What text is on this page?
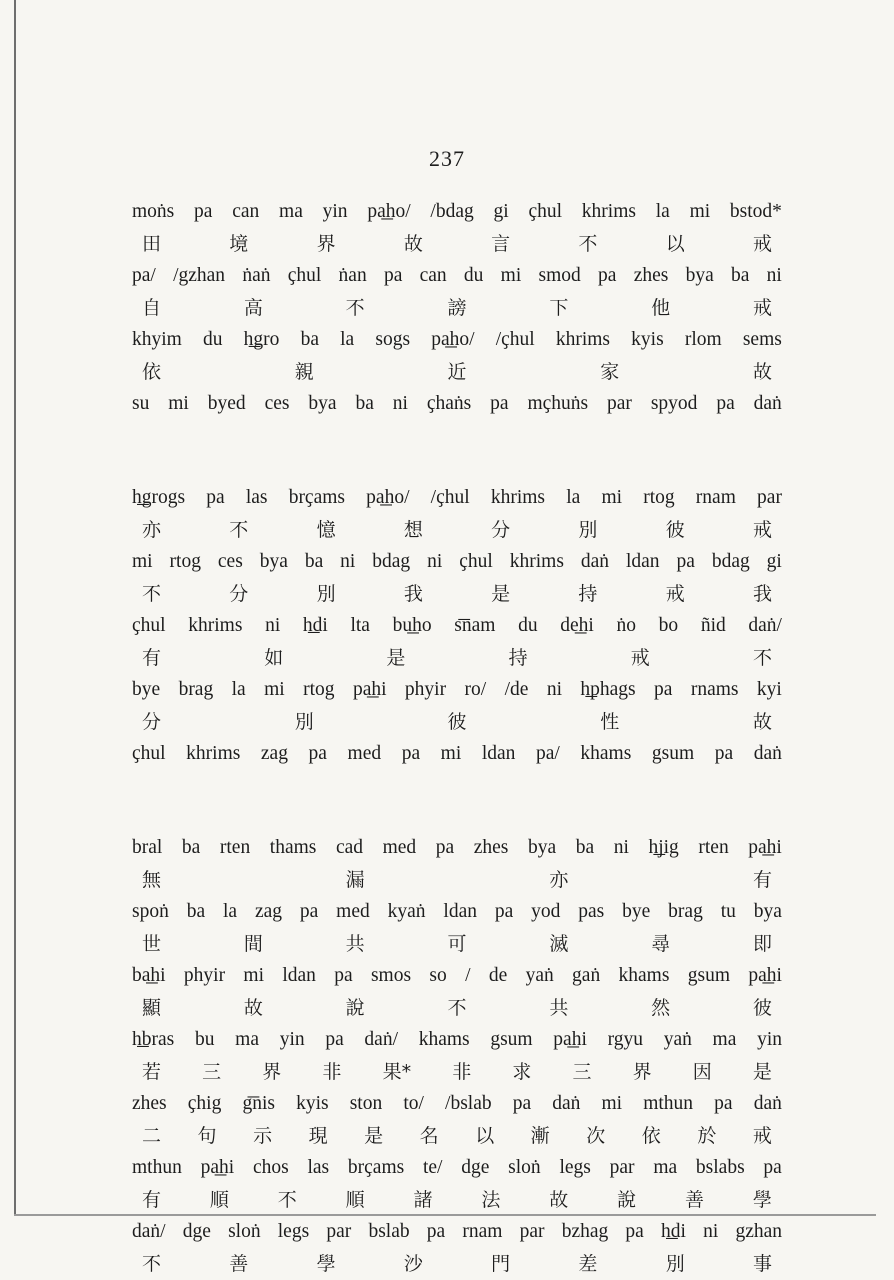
237
moṅs pa can ma yin pa͟ho/ /bdag gi ҫhul khrims la mi bstod*
田	境	界	故	言	不	以	戒
pa/ /gzhan ṅaṅ ҫhul ṅan pa can du mi smod pa zhes bya ba ni
自	高	不	謗	下	他	戒
khyim du h͟gro ba la sogs pa͟ho/ /ҫhul khrims kyis rlom sems
依	親	近	家	故
su mi byed ces bya ba ni ҫhaṅs pa mҫhuṅs par spyod pa daṅ
h͟grogs pa las brҫams pa͟ho/ /ҫhul khrims la mi rtog rnam par
亦	不	憶	想	分	別	彼	戒
mi rtog ces bya ba ni bdag ni ҫhul khrims daṅ ldan pa bdag gi
不	分	別	我	是	持	戒	我
ҫhul khrims ni h͟di lta bu͟ho s͞nam du de͟hi ṅo bo ñid daṅ/
有	如	是	持	戒	不
bye brag la mi rtog pa͟hi phyir ro/ /de ni h͟phags pa rnams kyi
分	別	彼	性	故
ҫhul khrims zag pa med pa mi ldan pa/ khams gsum pa daṅ
bral ba rten thams cad med pa zhes bya ba ni h͟jig rten pa͟hi
無	漏	亦	有
spoṅ ba la zag pa med kyaṅ ldan pa yod pas bye brag tu bya
世	間	共	可	滅	尋	即
ba͟hi phyir mi ldan pa smos so / de yaṅ gaṅ khams gsum pa͟hi
顯	故	說	不	共	然	彼
h͟bras bu ma yin pa daṅ/ khams gsum pa͟hi rgyu yaṅ ma yin
若 三 界 非 果* 非 求 三 界 因 是
zhes ҫhig g͞nis kyis ston to/ /bslab pa daṅ mi mthun pa daṅ
二 句 示 現 是 名 以 漸 次 依 於 戒
mthun pa͟hi chos las brҫams te/ dge sloṅ legs par ma bslabs pa
有	順	不	順	諸	法	故	說	善	學
daṅ/ dge sloṅ legs par bslab pa rnam par bzhag pa h͟di ni gzhan
不	善	學	沙	門	差	別	事
